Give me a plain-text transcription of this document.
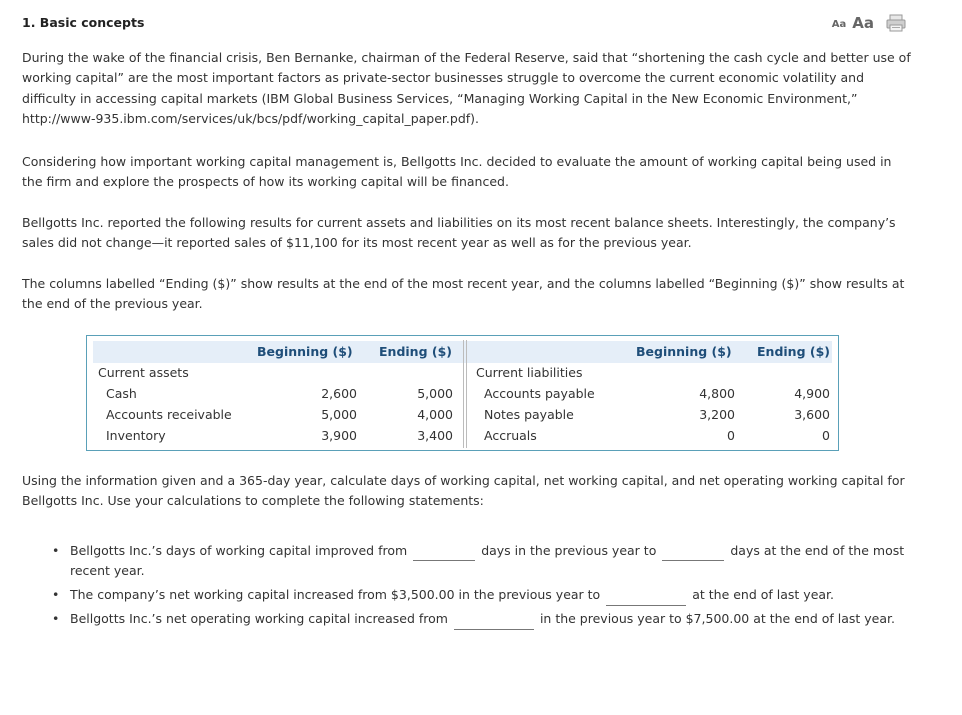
1. Basic concepts	Aa Aa

During the wake of the financial crisis, Ben Bernanke, chairman of the Federal Reserve, said that “shortening the cash cycle and better use of working capital” are the most important factors as private-sector businesses struggle to overcome the current economic volatility and difficulty in accessing capital markets (IBM Global Business Services, “Managing Working Capital in the New Economic Environment,” http://www-935.ibm.com/services/uk/bcs/pdf/working_capital_paper.pdf).

Considering how important working capital management is, Bellgotts Inc. decided to evaluate the amount of working capital being used in the firm and explore the prospects of how its working capital will be financed.

Bellgotts Inc. reported the following results for current assets and liabilities on its most recent balance sheets. Interestingly, the company’s sales did not change—it reported sales of $11,100 for its most recent year as well as for the previous year.

The columns labelled “Ending ($)” show results at the end of the most recent year, and the columns labelled “Beginning ($)” show results at the end of the previous year.

Beginning ($) Ending ($)	Beginning ($) Ending ($)
Current assets
Cash	2,600	5,000
Accounts receivable	5,000	4,000
Inventory	3,900	3,400
Current liabilities
Accounts payable	4,800	4,900
Notes payable	3,200	3,600
Accruals	0	0

Using the information given and a 365-day year, calculate days of working capital, net working capital, and net operating working capital for Bellgotts Inc. Use your calculations to complete the following statements:

• Bellgotts Inc.’s days of working capital improved from	days in the previous year to	days at the end of the most recent year.
• The company’s net working capital increased from $3,500.00 in the previous year to	at the end of last year.
• Bellgotts Inc.’s net operating working capital increased from	in the previous year to $7,500.00 at the end of last year.
